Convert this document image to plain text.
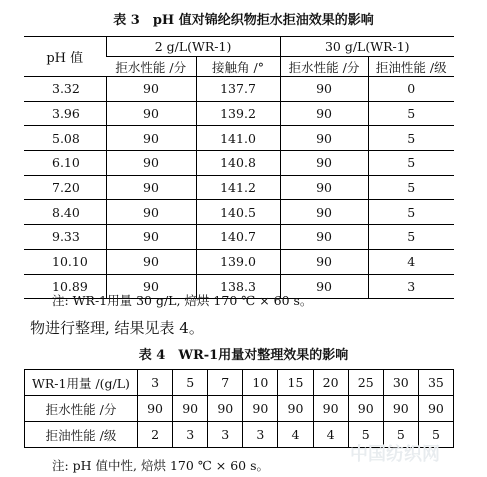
表 3　pH 值对锦纶织物拒水拒油效果的影响
pH 值	2 g/L(WR-1)		30 g/L(WR-1)	
	拒水性能 /分	接触角 /°	拒水性能 /分	拒油性能 /级
3.32	90	137.7	90	0
3.96	90	139.2	90	5
5.08	90	141.0	90	5
6.10	90	140.8	90	5
7.20	90	141.2	90	5
8.40	90	140.5	90	5
9.33	90	140.7	90	5
10.10	90	139.0	90	4
10.89	90	138.3	90	3
注: WR-1用量 30 g/L, 焙烘 170 ℃ × 60 s。
物进行整理, 结果见表 4。
表 4　WR-1用量对整理效果的影响
WR-1用量 /(g/L)	3	5	7	10	15	20	25	30	35
拒水性能 /分	90	90	90	90	90	90	90	90	90
拒油性能 /级	2	3	3	3	4	4	5	5	5
注: pH 值中性, 焙烘 170 ℃ × 60 s。
中国纺织网
